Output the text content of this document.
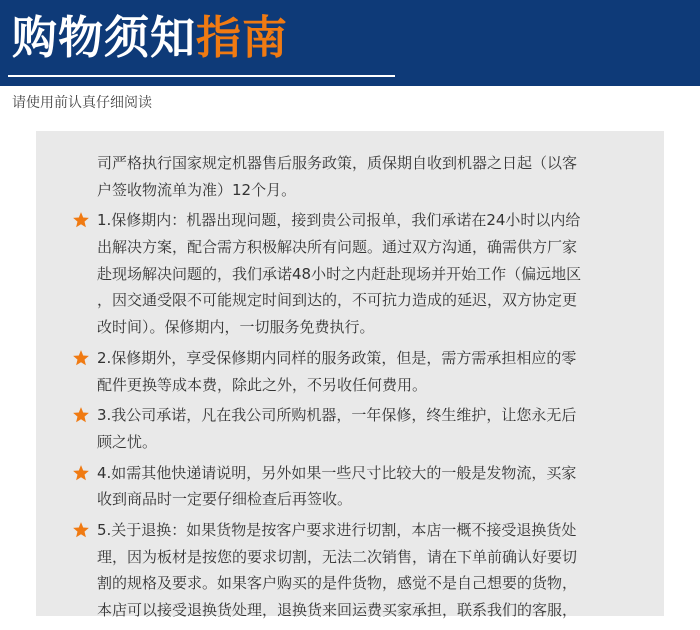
购物须知指南
请使用前认真仔细阅读
司严格执行国家规定机器售后服务政策，质保期自收到机器之日起（以客
户签收物流单为准）12个月。
1.保修期内：机器出现问题，接到贵公司报单，我们承诺在24小时以内给
出解决方案，配合需方积极解决所有问题。通过双方沟通，确需供方厂家
赴现场解决问题的，我们承诺48小时之内赶赴现场并开始工作（偏远地区
，因交通受限不可能规定时间到达的，不可抗力造成的延迟，双方协定更
改时间）。保修期内，一切服务免费执行。
2.保修期外，享受保修期内同样的服务政策，但是，需方需承担相应的零
配件更换等成本费，除此之外，不另收任何费用。
3.我公司承诺，凡在我公司所购机器，一年保修，终生维护，让您永无后
顾之忧。
4.如需其他快递请说明，另外如果一些尺寸比较大的一般是发物流，买家
收到商品时一定要仔细检查后再签收。
5.关于退换：如果货物是按客户要求进行切割，本店一概不接受退换货处
理，因为板材是按您的要求切割，无法二次销售，请在下单前确认好要切
割的规格及要求。如果客户购买的是件货物，感觉不是自己想要的货物，
本店可以接受退换货处理，退换货来回运费买家承担，联系我们的客服，
